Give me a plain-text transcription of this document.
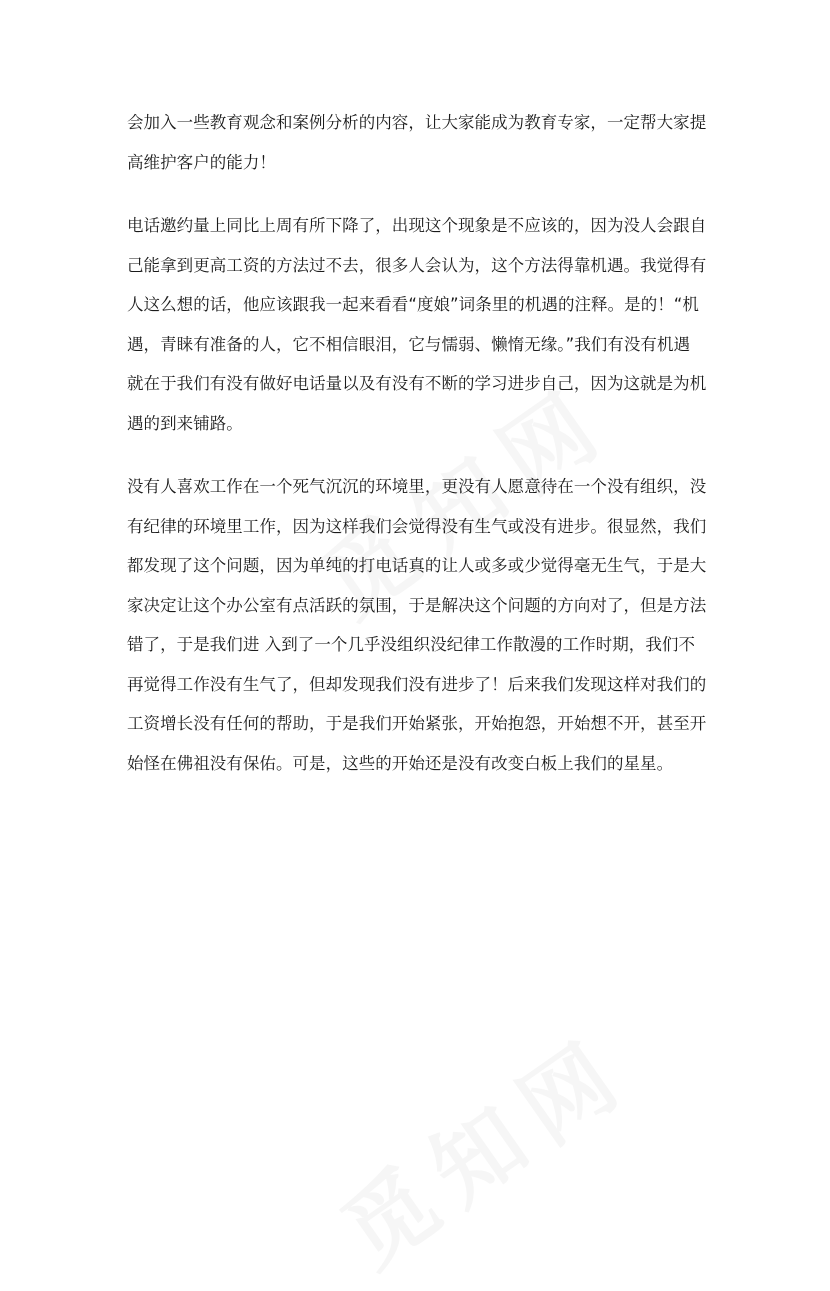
会加入一些教育观念和案例分析的内容，让大家能成为教育专家，一定帮大家提
高维护客户的能力！
电话邀约量上同比上周有所下降了，出现这个现象是不应该的，因为没人会跟自
己能拿到更高工资的方法过不去，很多人会认为，这个方法得靠机遇。我觉得有
人这么想的话，他应该跟我一起来看看“度娘”词条里的机遇的注释。是的！“机
遇，青睐有准备的人，它不相信眼泪，它与懦弱、懒惰无缘。”我们有没有机遇
就在于我们有没有做好电话量以及有没有不断的学习进步自己，因为这就是为机
遇的到来铺路。
没有人喜欢工作在一个死气沉沉的环境里，更没有人愿意待在一个没有组织，没
有纪律的环境里工作，因为这样我们会觉得没有生气或没有进步。很显然，我们
都发现了这个问题，因为单纯的打电话真的让人或多或少觉得毫无生气，于是大
家决定让这个办公室有点活跃的氛围，于是解决这个问题的方向对了，但是方法
错了，于是我们进 入到了一个几乎没组织没纪律工作散漫的工作时期，我们不
再觉得工作没有生气了，但却发现我们没有进步了！后来我们发现这样对我们的
工资增长没有任何的帮助，于是我们开始紧张，开始抱怨，开始想不开，甚至开
始怪在佛祖没有保佑。可是，这些的开始还是没有改变白板上我们的星星。
